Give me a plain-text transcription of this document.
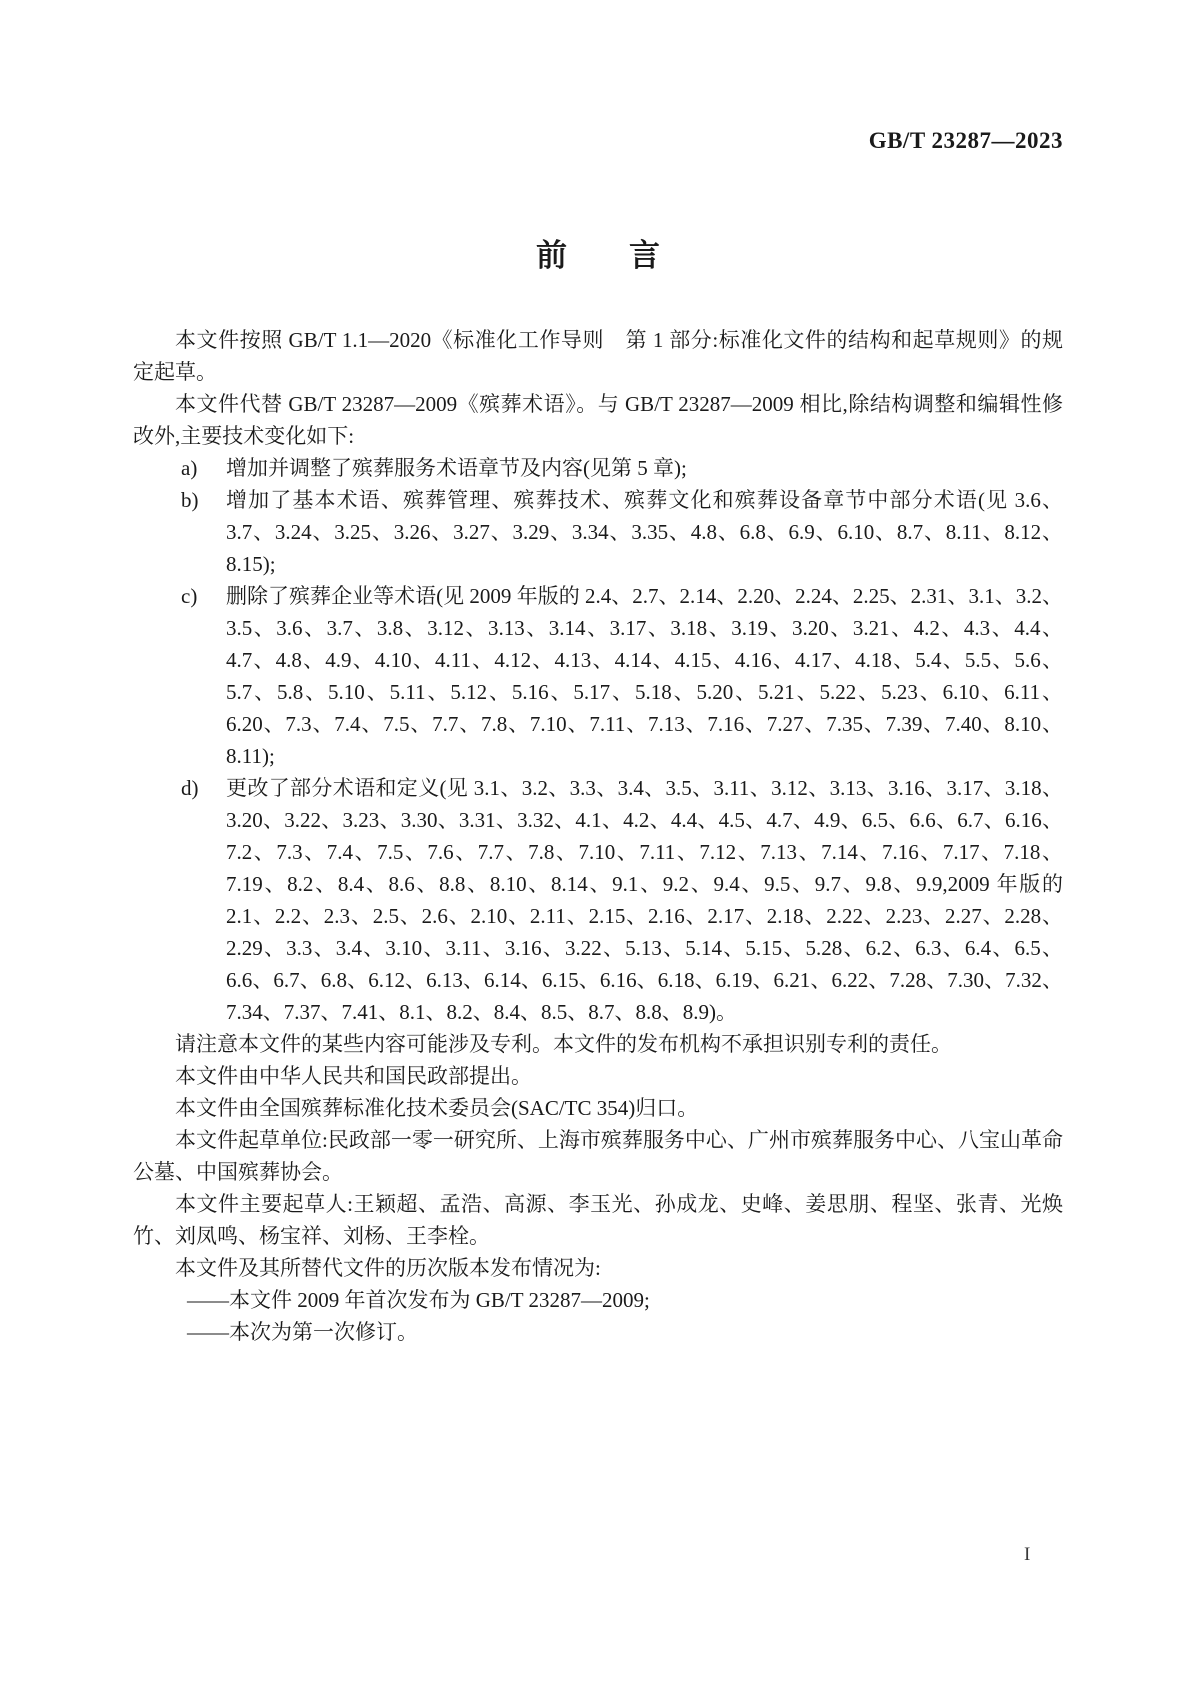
GB/T 23287—2023
前　　言

本文件按照 GB/T 1.1—2020《标准化工作导则　第 1 部分:标准化文件的结构和起草规则》的规定起草。

本文件代替 GB/T 23287—2009《殡葬术语》。与 GB/T 23287—2009 相比,除结构调整和编辑性修改外,主要技术变化如下:

a) 增加并调整了殡葬服务术语章节及内容(见第 5 章);
b) 增加了基本术语、殡葬管理、殡葬技术、殡葬文化和殡葬设备章节中部分术语(见 3.6、3.7、3.24、3.25、3.26、3.27、3.29、3.34、3.35、4.8、6.8、6.9、6.10、8.7、8.11、8.12、8.15);
c) 删除了殡葬企业等术语(见 2009 年版的 2.4、2.7、2.14、2.20、2.24、2.25、2.31、3.1、3.2、3.5、3.6、3.7、3.8、3.12、3.13、3.14、3.17、3.18、3.19、3.20、3.21、4.2、4.3、4.4、4.7、4.8、4.9、4.10、4.11、4.12、4.13、4.14、4.15、4.16、4.17、4.18、5.4、5.5、5.6、5.7、5.8、5.10、5.11、5.12、5.16、5.17、5.18、5.20、5.21、5.22、5.23、6.10、6.11、6.20、7.3、7.4、7.5、7.7、7.8、7.10、7.11、7.13、7.16、7.27、7.35、7.39、7.40、8.10、8.11);
d) 更改了部分术语和定义(见 3.1、3.2、3.3、3.4、3.5、3.11、3.12、3.13、3.16、3.17、3.18、3.20、3.22、3.23、3.30、3.31、3.32、4.1、4.2、4.4、4.5、4.7、4.9、6.5、6.6、6.7、6.16、7.2、7.3、7.4、7.5、7.6、7.7、7.8、7.10、7.11、7.12、7.13、7.14、7.16、7.17、7.18、7.19、8.2、8.4、8.6、8.8、8.10、8.14、9.1、9.2、9.4、9.5、9.7、9.8、9.9,2009 年版的 2.1、2.2、2.3、2.5、2.6、2.10、2.11、2.15、2.16、2.17、2.18、2.22、2.23、2.27、2.28、2.29、3.3、3.4、3.10、3.11、3.16、3.22、5.13、5.14、5.15、5.28、6.2、6.3、6.4、6.5、6.6、6.7、6.8、6.12、6.13、6.14、6.15、6.16、6.18、6.19、6.21、6.22、7.28、7.30、7.32、7.34、7.37、7.41、8.1、8.2、8.4、8.5、8.7、8.8、8.9)。

请注意本文件的某些内容可能涉及专利。本文件的发布机构不承担识别专利的责任。

本文件由中华人民共和国民政部提出。

本文件由全国殡葬标准化技术委员会(SAC/TC 354)归口。

本文件起草单位:民政部一零一研究所、上海市殡葬服务中心、广州市殡葬服务中心、八宝山革命公墓、中国殡葬协会。

本文件主要起草人:王颖超、孟浩、高源、李玉光、孙成龙、史峰、姜思朋、程坚、张青、光焕竹、刘凤鸣、杨宝祥、刘杨、王李栓。

本文件及其所替代文件的历次版本发布情况为:

——本文件 2009 年首次发布为 GB/T 23287—2009;

——本次为第一次修订。

I
